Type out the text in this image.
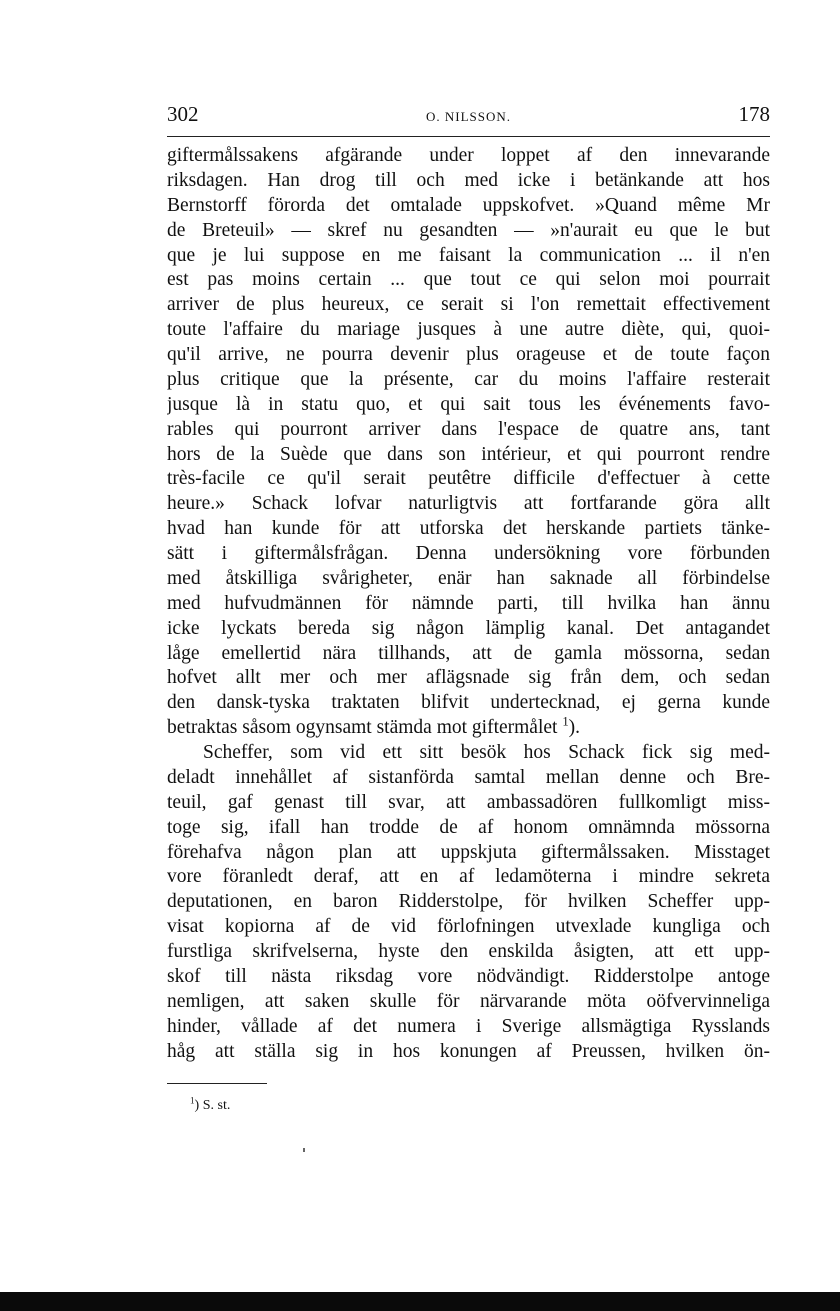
302	O. NILSSON.	178
giftermålssakens afgärande under loppet af den innevarande
riksdagen. Han drog till och med icke i betänkande att hos
Bernstorff förorda det omtalade uppskofvet. »Quand même Mr
de Breteuil» — skref nu gesandten — »n'aurait eu que le but
que je lui suppose en me faisant la communication ... il n'en
est pas moins certain ... que tout ce qui selon moi pourrait
arriver de plus heureux, ce serait si l'on remettait effectivement
toute l'affaire du mariage jusques à une autre diète, qui, quoi-
qu'il arrive, ne pourra devenir plus orageuse et de toute façon
plus critique que la présente, car du moins l'affaire resterait
jusque là in statu quo, et qui sait tous les événements favo-
rables qui pourront arriver dans l'espace de quatre ans, tant
hors de la Suède que dans son intérieur, et qui pourront rendre
très-facile ce qu'il serait peutêtre difficile d'effectuer à cette
heure.» Schack lofvar naturligtvis att fortfarande göra allt
hvad han kunde för att utforska det herskande partiets tänke-
sätt i giftermålsfrågan. Denna undersökning vore förbunden
med åtskilliga svårigheter, enär han saknade all förbindelse
med hufvudmännen för nämnde parti, till hvilka han ännu
icke lyckats bereda sig någon lämplig kanal. Det antagandet
låge emellertid nära tillhands, att de gamla mössorna, sedan
hofvet allt mer och mer aflägsnade sig från dem, och sedan
den dansk-tyska traktaten blifvit undertecknad, ej gerna kunde
betraktas såsom ogynsamt stämda mot giftermålet $^1$).
Scheffer, som vid ett sitt besök hos Schack fick sig med-
deladt innehållet af sistanförda samtal mellan denne och Bre-
teuil, gaf genast till svar, att ambassadören fullkomligt miss-
toge sig, ifall han trodde de af honom omnämnda mössorna
förehafva någon plan att uppskjuta giftermålssaken. Misstaget
vore föranledt deraf, att en af ledamöterna i mindre sekreta
deputationen, en baron Ridderstolpe, för hvilken Scheffer upp-
visat kopiorna af de vid förlofningen utvexlade kungliga och
furstliga skrifvelserna, hyste den enskilda åsigten, att ett upp-
skof till nästa riksdag vore nödvändigt. Ridderstolpe antoge
nemligen, att saken skulle för närvarande möta oöfvervinneliga
hinder, vållade af det numera i Sverige allsmägtiga Rysslands
håg att ställa sig in hos konungen af Preussen, hvilken ön-
$^1$) S. st.
